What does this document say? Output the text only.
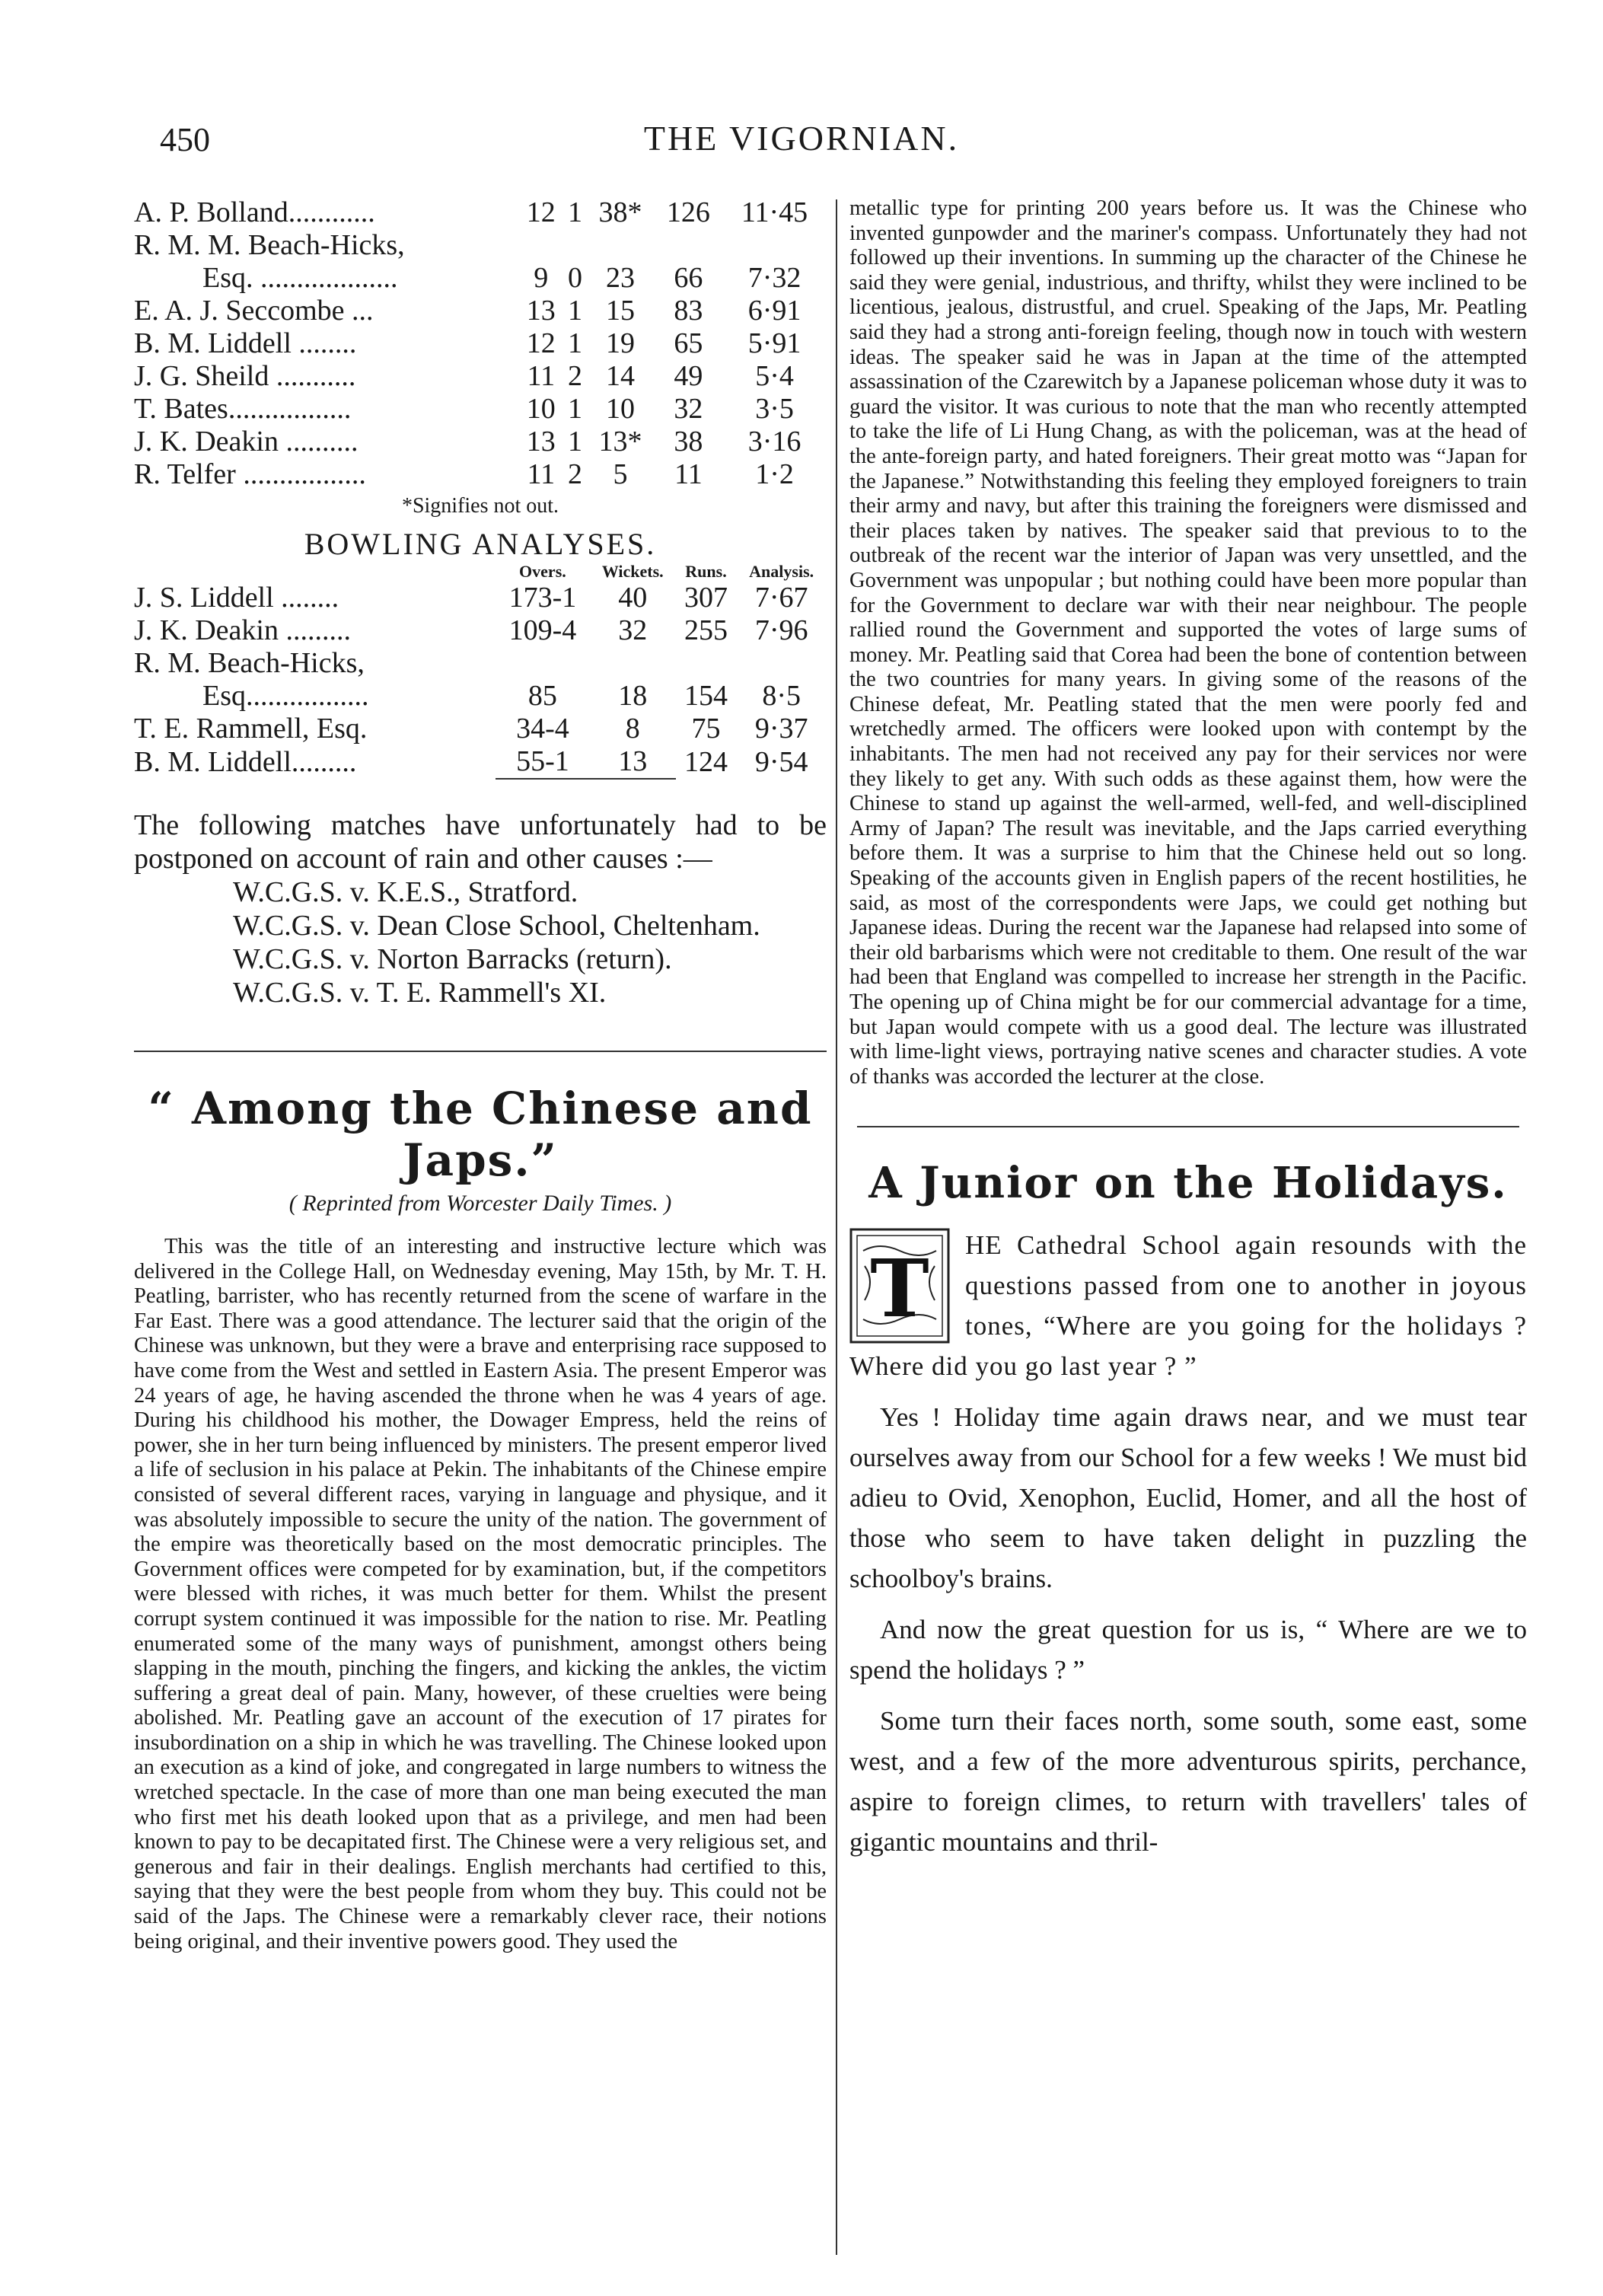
450	THE VIGORNIAN.
A. P. Bolland............	12	1	38*	126	11·45
R. M. M. Beach-Hicks,					
Esq. ...................	9	0	23	66	7·32
E. A. J. Seccombe ...	13	1	15	83	6·91
B. M. Liddell ........	12	1	19	65	5·91
J. G. Sheild ...........	11	2	14	49	5·4
T. Bates.................	10	1	10	32	3·5
J. K. Deakin ..........	13	1	13*	38	3·16
R. Telfer .................	11	2	5	11	1·2
*Signifies not out.
BOWLING ANALYSES.
	Overs.	Wickets.	Runs.	Analysis.
J. S. Liddell ........	173-1	40	307	7·67
J. K. Deakin .........	109-4	32	255	7·96
R. M. Beach-Hicks,				
Esq.................	85	18	154	8·5
T. E. Rammell, Esq.	34-4	8	75	9·37
B. M. Liddell.........	55-1	13	124	9·54

The following matches have unfortunately had to be postponed on account of rain and other causes :—

W.C.G.S. v. K.E.S., Stratford.
W.C.G.S. v. Dean Close School, Cheltenham.
W.C.G.S. v. Norton Barracks (return).
W.C.G.S. v. T. E. Rammell's XI.
“ Among the Chinese and Japs.”
( Reprinted from Worcester Daily Times. )

This was the title of an interesting and instructive lecture which was delivered in the College Hall, on Wednesday evening, May 15th, by Mr. T. H. Peatling, barrister, who has recently returned from the scene of warfare in the Far East. There was a good attendance. The lecturer said that the origin of the Chinese was unknown, but they were a brave and enterprising race supposed to have come from the West and settled in Eastern Asia. The present Emperor was 24 years of age, he having ascended the throne when he was 4 years of age. During his childhood his mother, the Dowager Empress, held the reins of power, she in her turn being influenced by ministers. The present emperor lived a life of seclusion in his palace at Pekin. The inhabitants of the Chinese empire consisted of several different races, varying in language and physique, and it was absolutely impossible to secure the unity of the nation. The government of the empire was theoretically based on the most democratic principles. The Government offices were competed for by examination, but, if the competitors were blessed with riches, it was much better for them. Whilst the present corrupt system continued it was impossible for the nation to rise. Mr. Peatling enumerated some of the many ways of punishment, amongst others being slapping in the mouth, pinching the fingers, and kicking the ankles, the victim suffering a great deal of pain. Many, however, of these cruelties were being abolished. Mr. Peatling gave an account of the execution of 17 pirates for insubordination on a ship in which he was travelling. The Chinese looked upon an execution as a kind of joke, and congregated in large numbers to witness the wretched spectacle. In the case of more than one man being executed the man who first met his death looked upon that as a privilege, and men had been known to pay to be decapitated first. The Chinese were a very religious set, and generous and fair in their dealings. English merchants had certified to this, saying that they were the best people from whom they buy. This could not be said of the Japs. The Chinese were a remarkably clever race, their notions being original, and their inventive powers good. They used the

metallic type for printing 200 years before us. It was the Chinese who invented gunpowder and the mariner's compass. Unfortunately they had not followed up their inventions. In summing up the character of the Chinese he said they were genial, industrious, and thrifty, whilst they were inclined to be licentious, jealous, distrustful, and cruel. Speaking of the Japs, Mr. Peatling said they had a strong anti-foreign feeling, though now in touch with western ideas. The speaker said he was in Japan at the time of the attempted assassination of the Czarewitch by a Japanese policeman whose duty it was to guard the visitor. It was curious to note that the man who recently attempted to take the life of Li Hung Chang, as with the policeman, was at the head of the ante-foreign party, and hated foreigners. Their great motto was “Japan for the Japanese.” Notwithstanding this feeling they employed foreigners to train their army and navy, but after this training the foreigners were dismissed and their places taken by natives. The speaker said that previous to to the outbreak of the recent war the interior of Japan was very unsettled, and the Government was unpopular ; but nothing could have been more popular than for the Government to declare war with their near neighbour. The people rallied round the Government and supported the votes of large sums of money. Mr. Peatling said that Corea had been the bone of contention between the two countries for many years. In giving some of the reasons of the Chinese defeat, Mr. Peatling stated that the men were poorly fed and wretchedly armed. The officers were looked upon with contempt by the inhabitants. The men had not received any pay for their services nor were they likely to get any. With such odds as these against them, how were the Chinese to stand up against the well-armed, well-fed, and well-disciplined Army of Japan? The result was inevitable, and the Japs carried everything before them. It was a surprise to him that the Chinese held out so long. Speaking of the accounts given in English papers of the recent hostilities, he said, as most of the correspondents were Japs, we could get nothing but Japanese ideas. During the recent war the Japanese had relapsed into some of their old barbarisms which were not creditable to them. One result of the war had been that England was compelled to increase her strength in the Pacific. The opening up of China might be for our commercial advantage for a time, but Japan would compete with us a good deal. The lecture was illustrated with lime-light views, portraying native scenes and character studies. A vote of thanks was accorded the lecturer at the close.

A Junior on the Holidays.
T	HE Cathedral School again resounds with the questions passed from one to another in joyous tones, “Where are you going for the holidays ? Where did you go last year ? ”

Yes ! Holiday time again draws near, and we must tear ourselves away from our School for a few weeks ! We must bid adieu to Ovid, Xenophon, Euclid, Homer, and all the host of those who seem to have taken delight in puzzling the schoolboy's brains.

And now the great question for us is, “ Where are we to spend the holidays ? ”

Some turn their faces north, some south, some east, some west, and a few of the more adventurous spirits, perchance, aspire to foreign climes, to return with travellers' tales of gigantic mountains and thril-
